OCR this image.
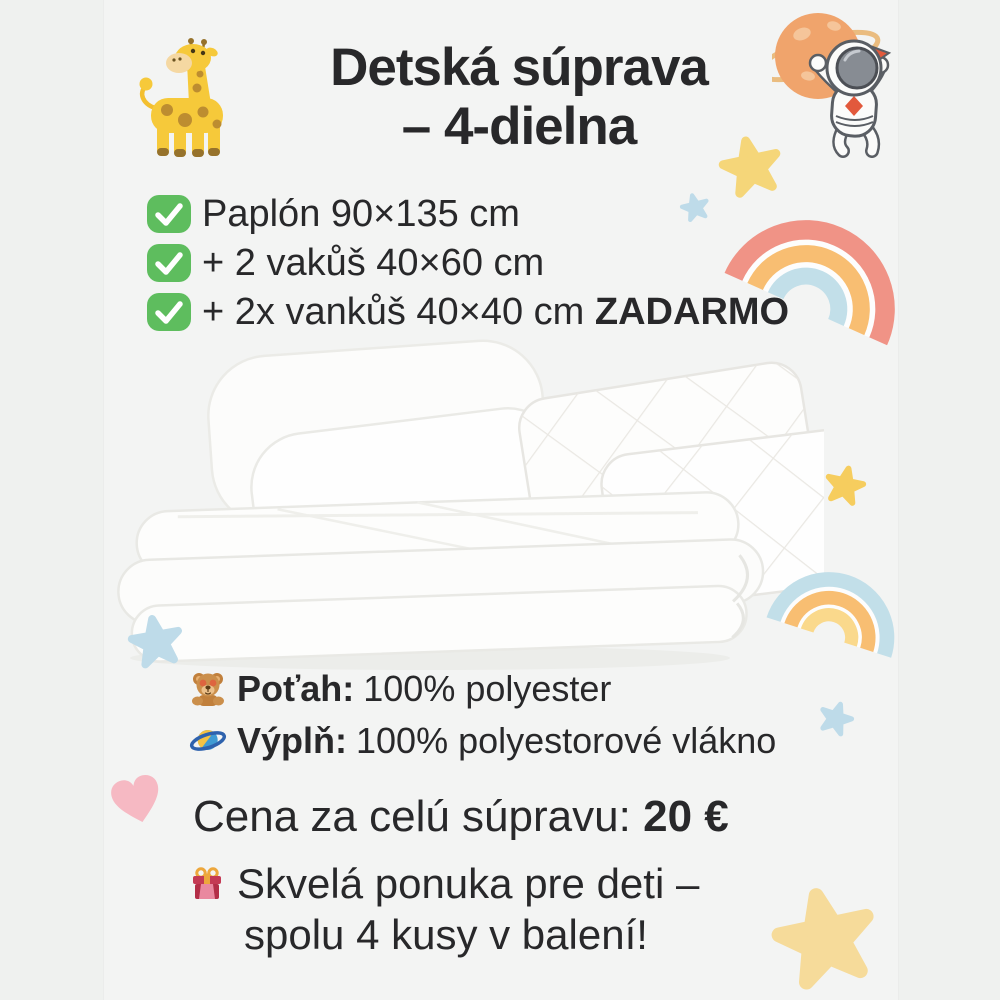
Detská súprava
– 4-dielna
Paplón 90×135 cm
+ 2 vakůš 40×60 cm
+ 2x vankůš 40×40 cm ZADARMO
Poťah: 100% polyester
Výplň: 100% polyestorové vlákno
Cena za celú súpravu: 20 €
Skvelá ponuka pre deti –
spolu 4 kusy v balení!
